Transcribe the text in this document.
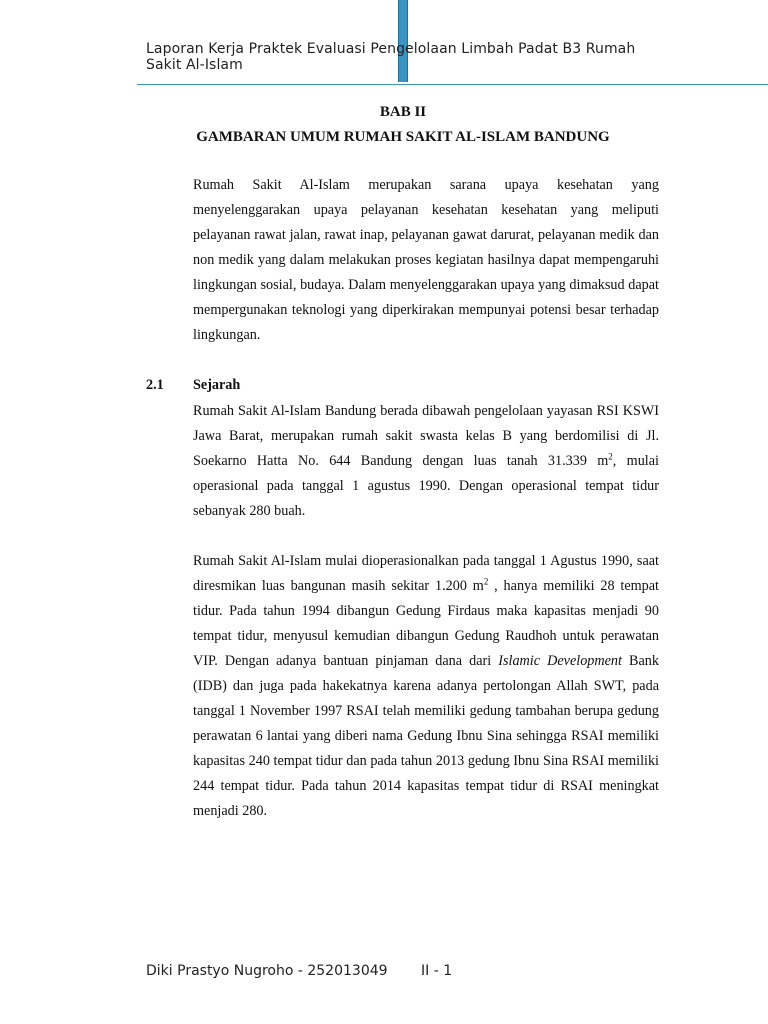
Laporan Kerja Praktek Evaluasi Pengelolaan Limbah Padat B3 Rumah
Sakit Al-Islam
BAB II
GAMBARAN UMUM RUMAH SAKIT AL-ISLAM BANDUNG
Rumah Sakit Al-Islam merupakan sarana upaya kesehatan yang menyelenggarakan upaya pelayanan kesehatan kesehatan yang meliputi pelayanan rawat jalan, rawat inap, pelayanan gawat darurat, pelayanan medik dan non medik yang dalam melakukan proses kegiatan hasilnya dapat mempengaruhi lingkungan sosial, budaya. Dalam menyelenggarakan upaya yang dimaksud dapat mempergunakan teknologi yang diperkirakan mempunyai potensi besar terhadap lingkungan.
2.1 Sejarah
Rumah Sakit Al-Islam Bandung berada dibawah pengelolaan yayasan RSI KSWI Jawa Barat, merupakan rumah sakit swasta kelas B yang berdomilisi di Jl. Soekarno Hatta No. 644 Bandung dengan luas tanah 31.339 $m^2$, mulai operasional pada tanggal 1 agustus 1990. Dengan operasional tempat tidur sebanyak 280 buah.
Rumah Sakit Al-Islam mulai dioperasionalkan pada tanggal 1 Agustus 1990, saat diresmikan luas bangunan masih sekitar 1.200 $m^2$ , hanya memiliki 28 tempat tidur. Pada tahun 1994 dibangun Gedung Firdaus maka kapasitas menjadi 90 tempat tidur, menyusul kemudian dibangun Gedung Raudhoh untuk perawatan VIP. Dengan adanya bantuan pinjaman dana dari Islamic Development Bank (IDB) dan juga pada hakekatnya karena adanya pertolongan Allah SWT, pada tanggal 1 November 1997 RSAI telah memiliki gedung tambahan berupa gedung perawatan 6 lantai yang diberi nama Gedung Ibnu Sina sehingga RSAI memiliki kapasitas 240 tempat tidur dan pada tahun 2013 gedung Ibnu Sina RSAI memiliki 244 tempat tidur. Pada tahun 2014 kapasitas tempat tidur di RSAI meningkat menjadi 280.
Diki Prastyo Nugroho - 252013049 II - 1
